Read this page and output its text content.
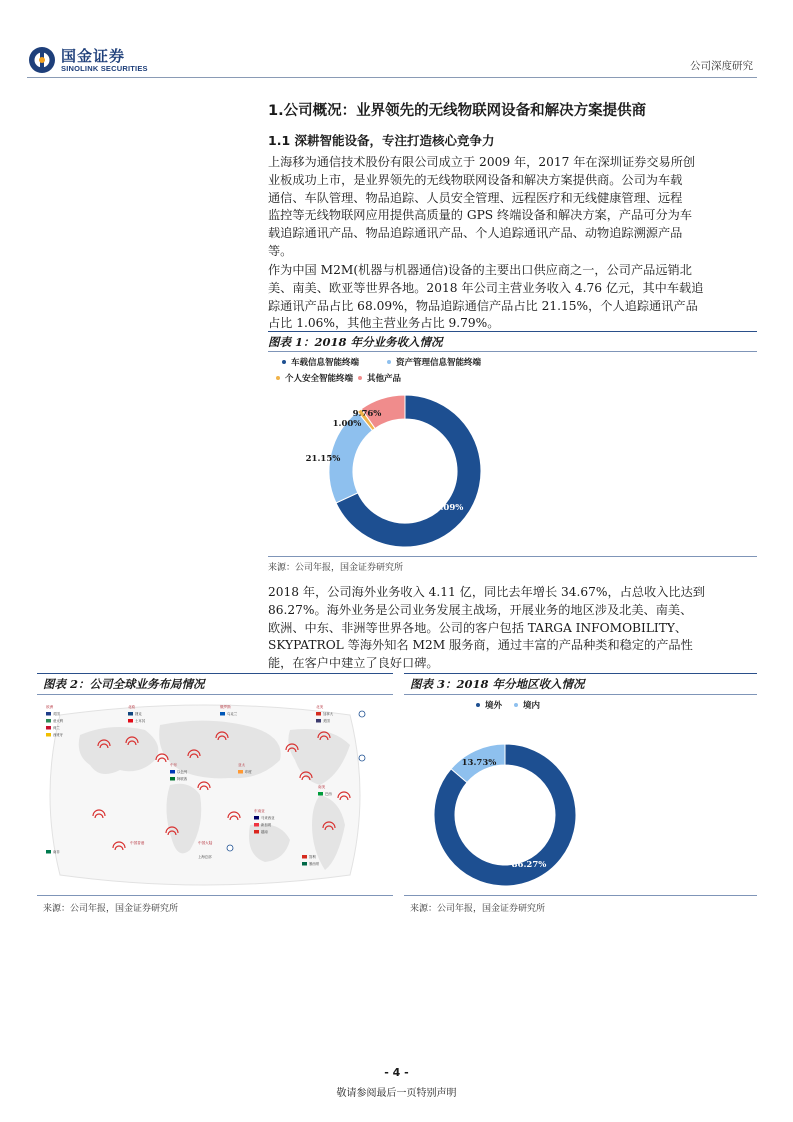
国金证券
SINOLINK SECURITIES	公司深度研究
1.公司概况：业界领先的无线物联网设备和解决方案提供商
1.1 深耕智能设备，专注打造核心竞争力
上海移为通信技术股份有限公司成立于 2009 年，2017 年在深圳证券交易所创
业板成功上市，是业界领先的无线物联网设备和解决方案提供商。公司为车载
通信、车队管理、物品追踪、人员安全管理、远程医疗和无线健康管理、远程
监控等无线物联网应用提供高质量的 GPS 终端设备和解决方案，产品可分为车
载追踪通讯产品、物品追踪通讯产品、个人追踪通讯产品、动物追踪溯源产品
等。
作为中国 M2M(机器与机器通信)设备的主要出口供应商之一，公司产品远销北
美、南美、欧亚等世界各地。2018 年公司主营业务收入 4.76 亿元，其中车载追
踪通讯产品占比 68.09%，物品追踪通信产品占比 21.15%，个人追踪通讯产品
占比 1.06%，其他主营业务占比 9.79%。
图表 1：2018 年分业务收入情况
车载信息智能终端	资产管理信息智能终端
个人安全智能终端 其他产品
68.09%
21.15%
1.00%
9.76%
来源：公司年报，国金证券研究所
2018 年，公司海外业务收入 4.11 亿，同比去年增长 34.67%，占总收入比达到
86.27%。海外业务是公司业务发展主战场，开展业务的地区涉及北美、南美、
欧洲、中东、非洲等世界各地。公司的客户包括 TARGA INFOMOBILITY、
SKYPATROL 等海外知名 M2M 服务商，通过丰富的产品种类和稳定的产品性
能，在客户中建立了良好口碑。
图表 2：公司全球业务布局情况
欧洲	北欧	俄罗斯	北美
中东	亚太
南美
中国香港	中国大陆
东南亚
英国
意大利
荷兰
西班牙
捷克
土耳其
乌克兰	加拿大
美国
以色列
阿联酋
印度
马来西亚
新加坡
越南
巴西
智利
墨西哥
南非
上海总部
来源：公司年报，国金证券研究所
图表 3：2018 年分地区收入情况
境外 境内
86.27%
13.73%
来源：公司年报，国金证券研究所
- 4 -
敬请参阅最后一页特别声明
